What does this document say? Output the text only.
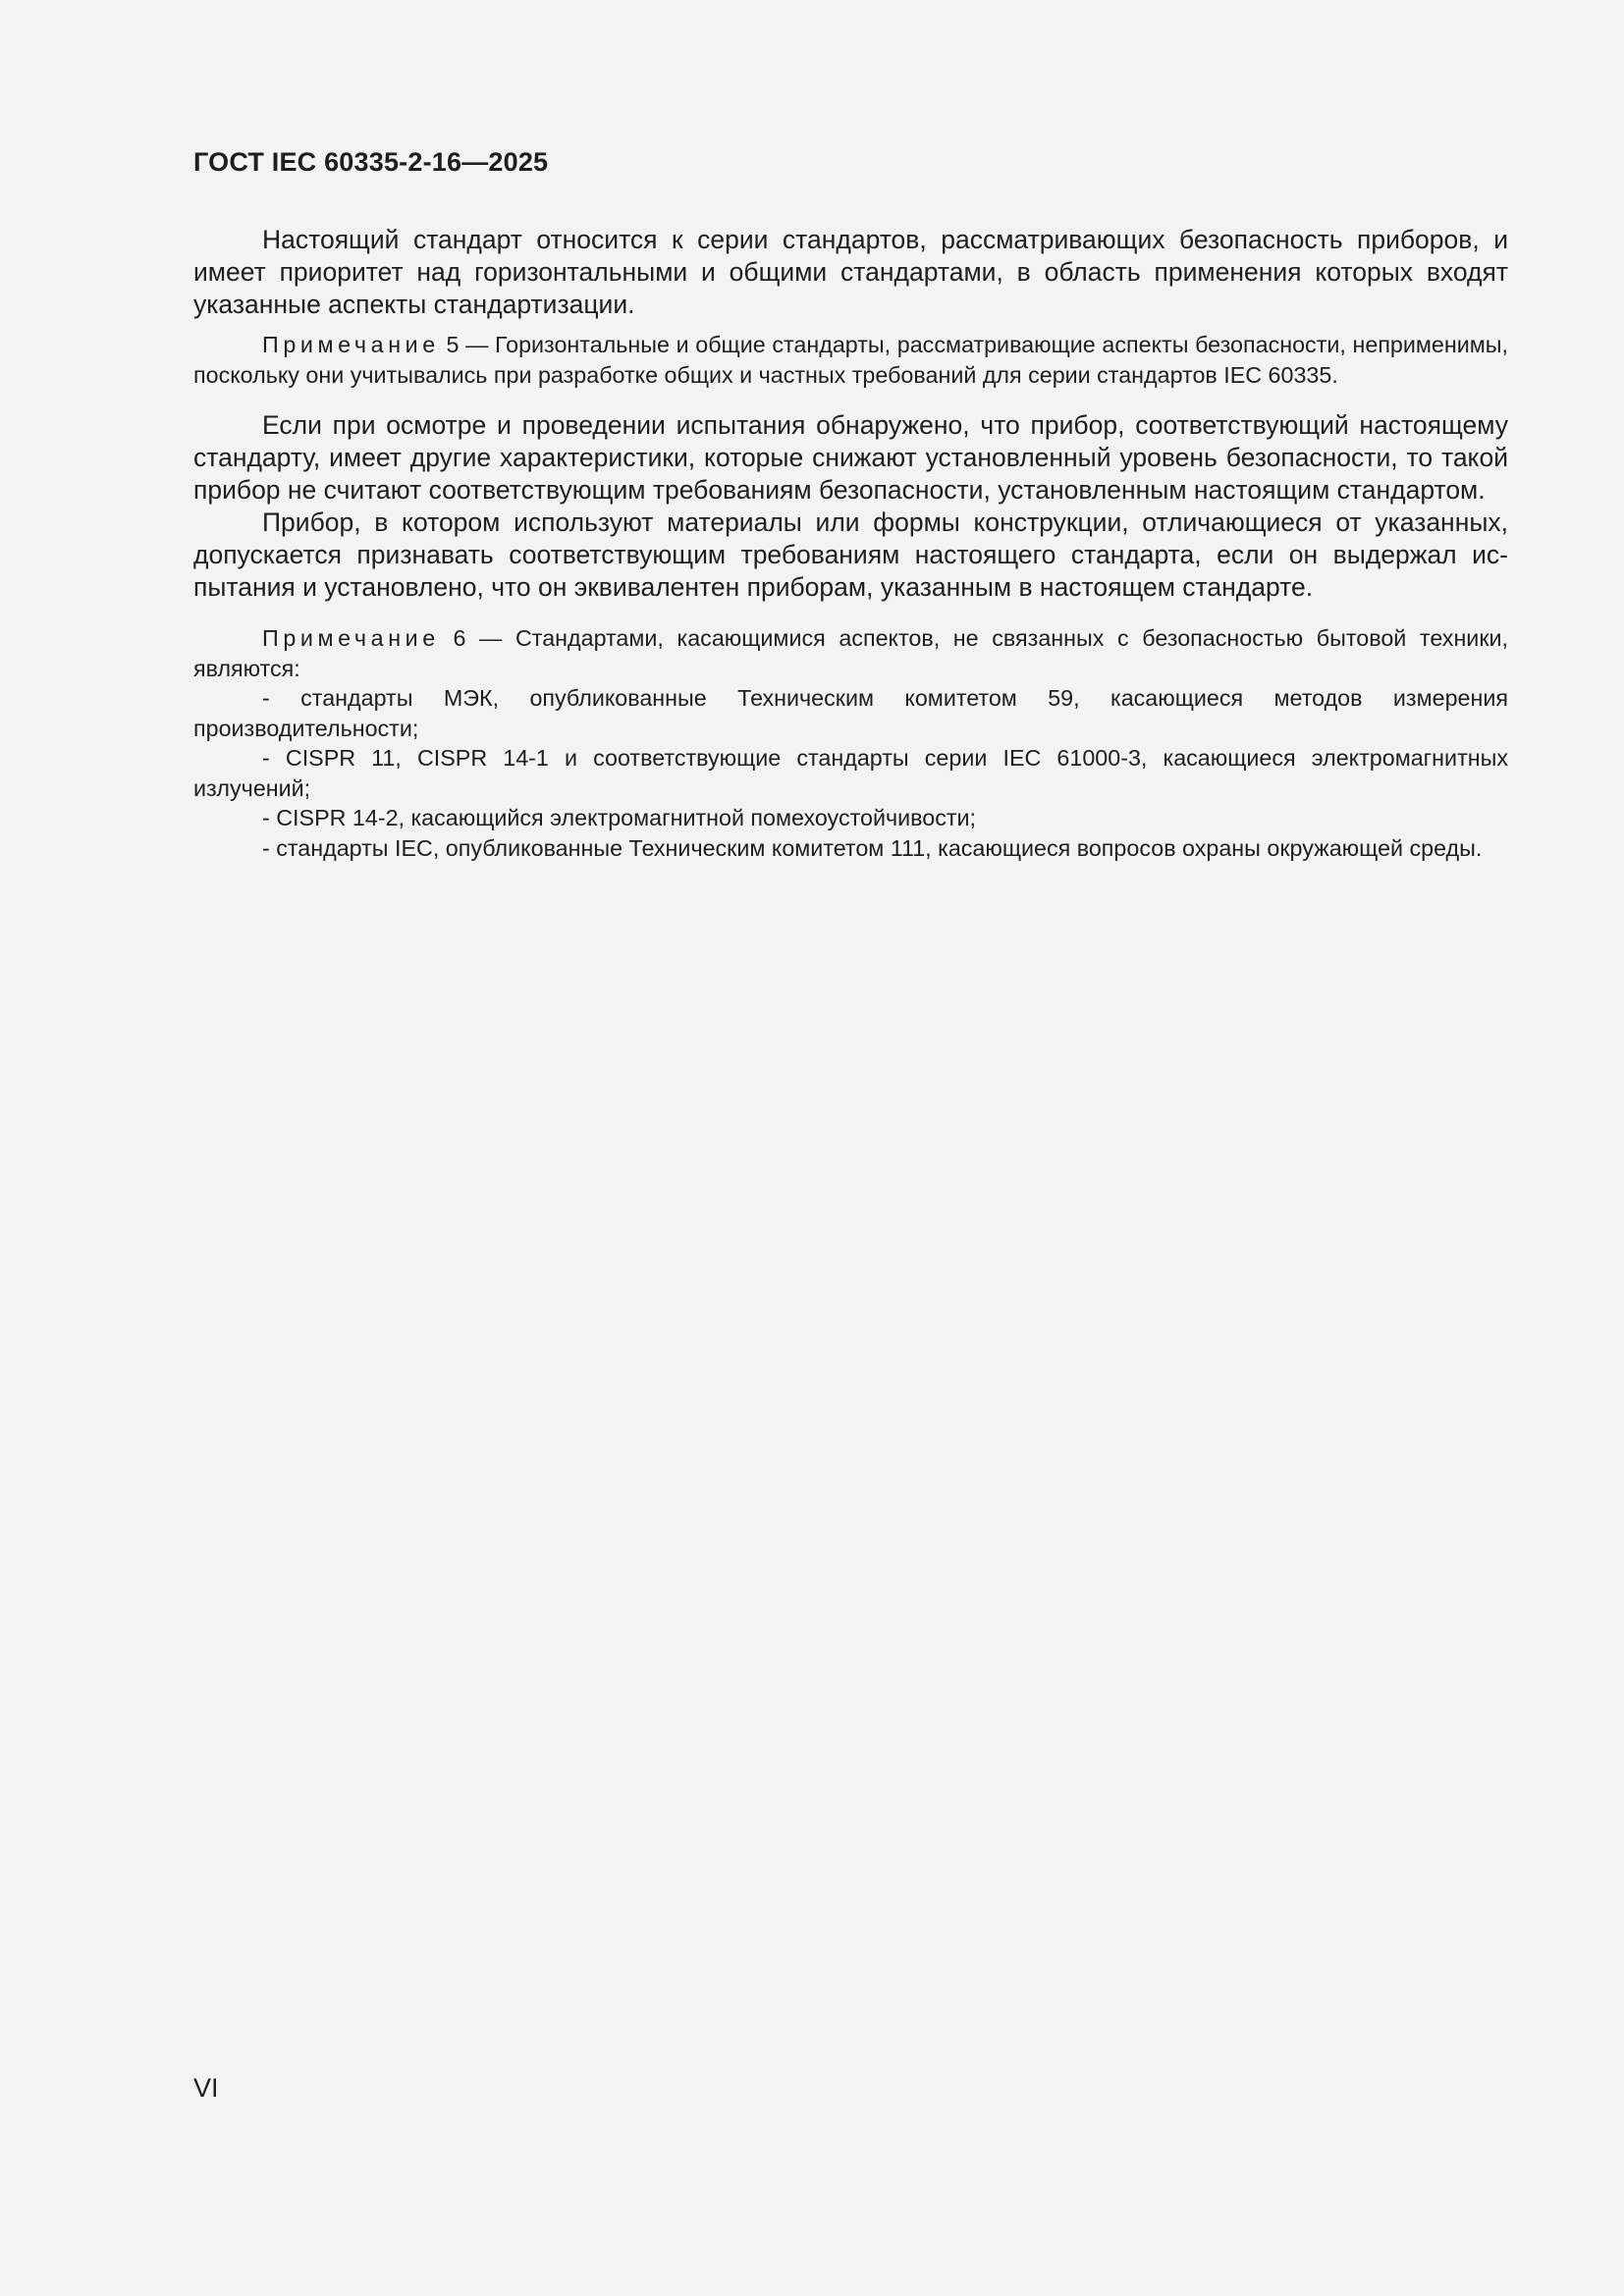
ГОСТ IEC 60335-2-16—2025

Настоящий стандарт относится к серии стандартов, рассматривающих безопасность приборов, и имеет приоритет над горизонтальными и общими стандартами, в область применения которых входят указанные аспекты стандартизации.

Примечание 5 — Горизонтальные и общие стандарты, рассматривающие аспекты безопасности, неприменимы, поскольку они учитывались при разработке общих и частных требований для серии стандартов IEC 60335.

Если при осмотре и проведении испытания обнаружено, что прибор, соответствующий настоящему стандарту, имеет другие характеристики, которые снижают установленный уровень безопасности, то такой прибор не считают соответствующим требованиям безопасности, установленным настоящим стандартом.

Прибор, в котором используют материалы или формы конструкции, отличающиеся от указанных, допускается признавать соответствующим требованиям настоящего стандарта, если он выдержал испытания и установлено, что он эквивалентен приборам, указанным в настоящем стандарте.

Примечание 6 — Стандартами, касающимися аспектов, не связанных с безопасностью бытовой техники, являются:

- стандарты МЭК, опубликованные Техническим комитетом 59, касающиеся методов измерения производительности;

- CISPR 11, CISPR 14-1 и соответствующие стандарты серии IEC 61000-3, касающиеся электромагнитных излучений;

- CISPR 14-2, касающийся электромагнитной помехоустойчивости;

- стандарты IEC, опубликованные Техническим комитетом 111, касающиеся вопросов охраны окружающей среды.

VI
